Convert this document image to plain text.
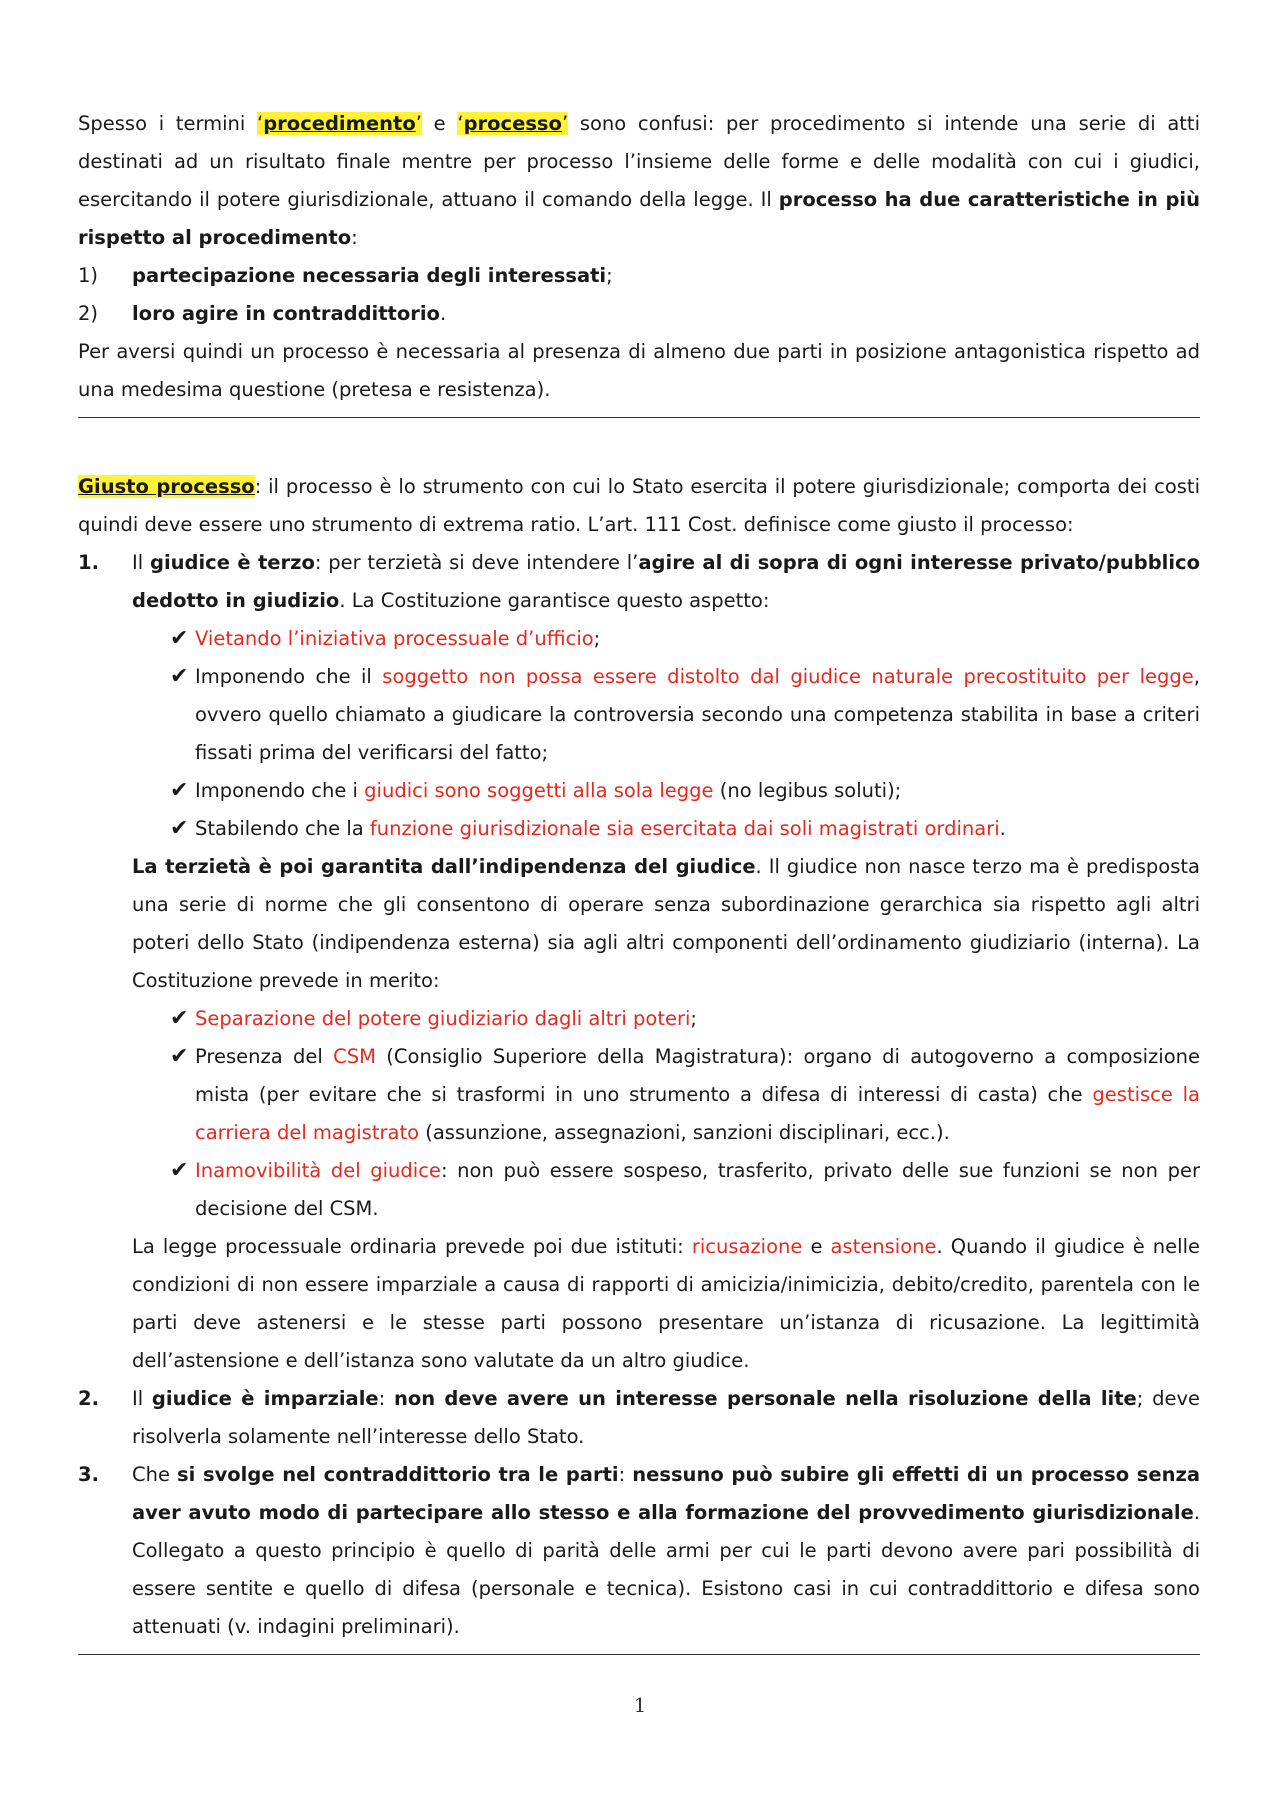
Spesso i termini ‘procedimento’ e ‘processo’ sono confusi: per procedimento si intende una serie di atti destinati ad un risultato finale mentre per processo l’insieme delle forme e delle modalità con cui i giudici, esercitando il potere giurisdizionale, attuano il comando della legge. Il processo ha due caratteristiche in più rispetto al procedimento:

1) partecipazione necessaria degli interessati;

2) loro agire in contraddittorio.

Per aversi quindi un processo è necessaria al presenza di almeno due parti in posizione antagonistica rispetto ad una medesima questione (pretesa e resistenza).

Giusto processo: il processo è lo strumento con cui lo Stato esercita il potere giurisdizionale; comporta dei costi quindi deve essere uno strumento di extrema ratio. L’art. 111 Cost. definisce come giusto il processo:

1. Il giudice è terzo: per terzietà si deve intendere l’agire al di sopra di ogni interesse privato/pubblico dedotto in giudizio. La Costituzione garantisce questo aspetto:

✔ Vietando l’iniziativa processuale d’ufficio;

✔ Imponendo che il soggetto non possa essere distolto dal giudice naturale precostituito per legge, ovvero quello chiamato a giudicare la controversia secondo una competenza stabilita in base a criteri fissati prima del verificarsi del fatto;

✔ Imponendo che i giudici sono soggetti alla sola legge (no legibus soluti);

✔ Stabilendo che la funzione giurisdizionale sia esercitata dai soli magistrati ordinari.

La terzietà è poi garantita dall’indipendenza del giudice. Il giudice non nasce terzo ma è predisposta una serie di norme che gli consentono di operare senza subordinazione gerarchica sia rispetto agli altri poteri dello Stato (indipendenza esterna) sia agli altri componenti dell’ordinamento giudiziario (interna). La Costituzione prevede in merito:

✔ Separazione del potere giudiziario dagli altri poteri;

✔ Presenza del CSM (Consiglio Superiore della Magistratura): organo di autogoverno a composizione mista (per evitare che si trasformi in uno strumento a difesa di interessi di casta) che gestisce la carriera del magistrato (assunzione, assegnazioni, sanzioni disciplinari, ecc.).

✔ Inamovibilità del giudice: non può essere sospeso, trasferito, privato delle sue funzioni se non per decisione del CSM.

La legge processuale ordinaria prevede poi due istituti: ricusazione e astensione. Quando il giudice è nelle condizioni di non essere imparziale a causa di rapporti di amicizia/inimicizia, debito/credito, parentela con le parti deve astenersi e le stesse parti possono presentare un’istanza di ricusazione. La legittimità dell’astensione e dell’istanza sono valutate da un altro giudice.

2. Il giudice è imparziale: non deve avere un interesse personale nella risoluzione della lite; deve risolverla solamente nell’interesse dello Stato.

3. Che si svolge nel contraddittorio tra le parti: nessuno può subire gli effetti di un processo senza aver avuto modo di partecipare allo stesso e alla formazione del provvedimento giurisdizionale. Collegato a questo principio è quello di parità delle armi per cui le parti devono avere pari possibilità di essere sentite e quello di difesa (personale e tecnica). Esistono casi in cui contraddittorio e difesa sono attenuati (v. indagini preliminari).

1
